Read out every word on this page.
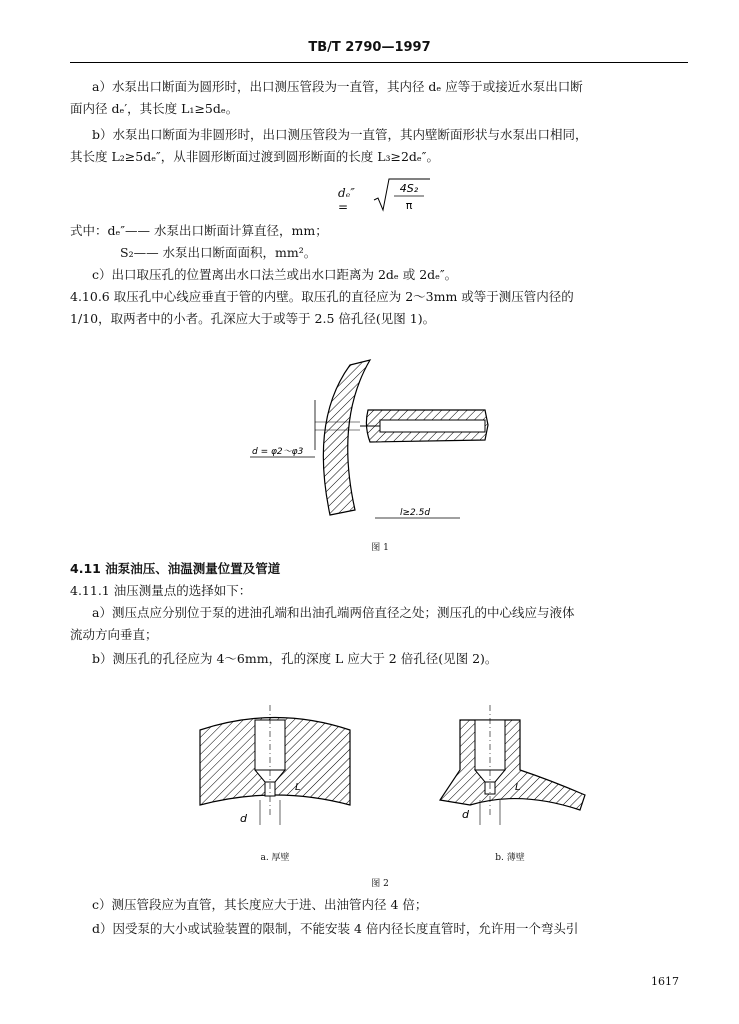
TB/T 2790—1997
a）水泵出口断面为圆形时，出口测压管段为一直管，其内径 dₑ 应等于或接近水泵出口断
面内径 dₑ′，其长度 L₁≥5dₑ。
b）水泵出口断面为非圆形时，出口测压管段为一直管，其内壁断面形状与水泵出口相同，
其长度 L₂≥5dₑ″，从非圆形断面过渡到圆形断面的长度 L₃≥2dₑ″。
dₑ″ =
4S₂
π
式中：dₑ″—— 水泵出口断面计算直径，mm；
S₂—— 水泵出口断面面积，mm²。
c）出口取压孔的位置离出水口法兰或出水口距离为 2dₑ 或 2dₑ″。
4.10.6 取压孔中心线应垂直于管的内壁。取压孔的直径应为 2～3mm 或等于测压管内径的
1/10，取两者中的小者。孔深应大于或等于 2.5 倍孔径(见图 1)。
d = φ2～φ3
l≥2.5d
图 1
4.11 油泵油压、油温测量位置及管道
4.11.1 油压测量点的选择如下：
a）测压点应分别位于泵的进油孔端和出油孔端两倍直径之处；测压孔的中心线应与液体
流动方向垂直；
b）测压孔的孔径应为 4～6mm，孔的深度 L 应大于 2 倍孔径(见图 2)。
d
L
a. 厚壁
d
L
b. 薄壁
图 2
c）测压管段应为直管，其长度应大于进、出油管内径 4 倍；
d）因受泵的大小或试验装置的限制，不能安装 4 倍内径长度直管时，允许用一个弯头引
1617
